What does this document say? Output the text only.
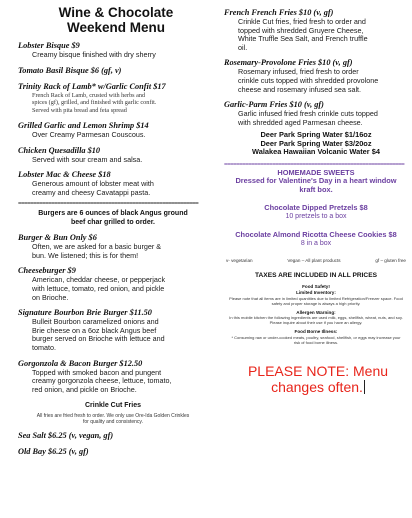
Wine & Chocolate
Weekend Menu
Lobster Bisque $9
Creamy bisque finished with dry sherry
Tomato Basil Bisque $6 (gf, v)
Trinity Rack of Lamb* w/Garlic Confit $17
French Rack of Lamb, crusted with herbs and
spices (gf), grilled, and finished with garlic confit.
Served with pita bread and feta spread
Grilled Garlic and Lemon Shrimp $14
Over Creamy Parmesan Couscous.
Chicken Quesadilla $10
Served with sour cream and salsa.
Lobster Mac & Cheese $18
Generous amount of lobster meat with
creamy and cheesy Cavatappi pasta.
============================================================
Burgers are 6 ounces of black Angus ground
beef char grilled to order.
Burger & Bun Only $6
Often, we are asked for a basic burger &
bun. We listened; this is for them!
Cheeseburger $9
American, cheddar cheese, or pepperjack
with lettuce, tomato, red onion, and pickle
on Brioche.
Signature Bourbon Brie Burger $11.50
Bulleit Bourbon caramelized onions and
Brie cheese on a 6oz black Angus beef
burger served on Brioche with lettuce and
tomato.
Gorgonzola & Bacon Burger $12.50
Topped with smoked bacon and pungent
creamy gorgonzola cheese, lettuce, tomato,
red onion, and pickle on Brioche.
Crinkle Cut Fries
All fries are fried fresh to order. We only use Ore-Ida Golden Crinkles
for quality and consistency.
Sea Salt $6.25 (v, vegan, gf)
Old Bay $6.25 (v, gf)
French French Fries $10 (v, gf)
Crinkle Cut fries, fried fresh to order and
topped with shredded Gruyere Cheese,
White Truffle Sea Salt, and French truffle
oil.
Rosemary-Provolone Fries $10 (v, gf)
Rosemary infused, fried fresh to order
crinkle cuts topped with shredded provolone
cheese and rosemary infused sea salt.
Garlic-Parm Fries $10 (v, gf)
Garlic infused fried fresh crinkle cuts topped
with shredded aged Parmesan cheese.
Deer Park Spring Water $1/16oz
Deer Park Spring Water $3/20oz
Walakea Hawaiian Volcanic Water $4
============================================================
HOMEMADE SWEETS
Dressed for Valentine's Day in a heart window
kraft box.
Chocolate Dipped Pretzels $8
10 pretzels to a box
Chocolate Almond Ricotta Cheese Cookies $8
8 in a box
v- vegetarian	Vegan – All plant products	gf – gluten free
TAXES ARE INCLUDED IN ALL PRICES
Food Safety!
Limited Inventory:
Please note that all items are in limited quantities due to limited Refrigeration/Freezer space. Food safety and proper storage is always a high priority.
Allergen Warning:
In this mobile kitchen the following ingredients are used milk, eggs, shellfish, wheat, nuts, and soy. Please inquire about their use if you have an allergy.
Food Borne Illness:
* Consuming raw or under-cooked meats, poultry, seafood, shellfish, or eggs may increase your risk of food borne illness.
PLEASE NOTE: Menu
changes often.
